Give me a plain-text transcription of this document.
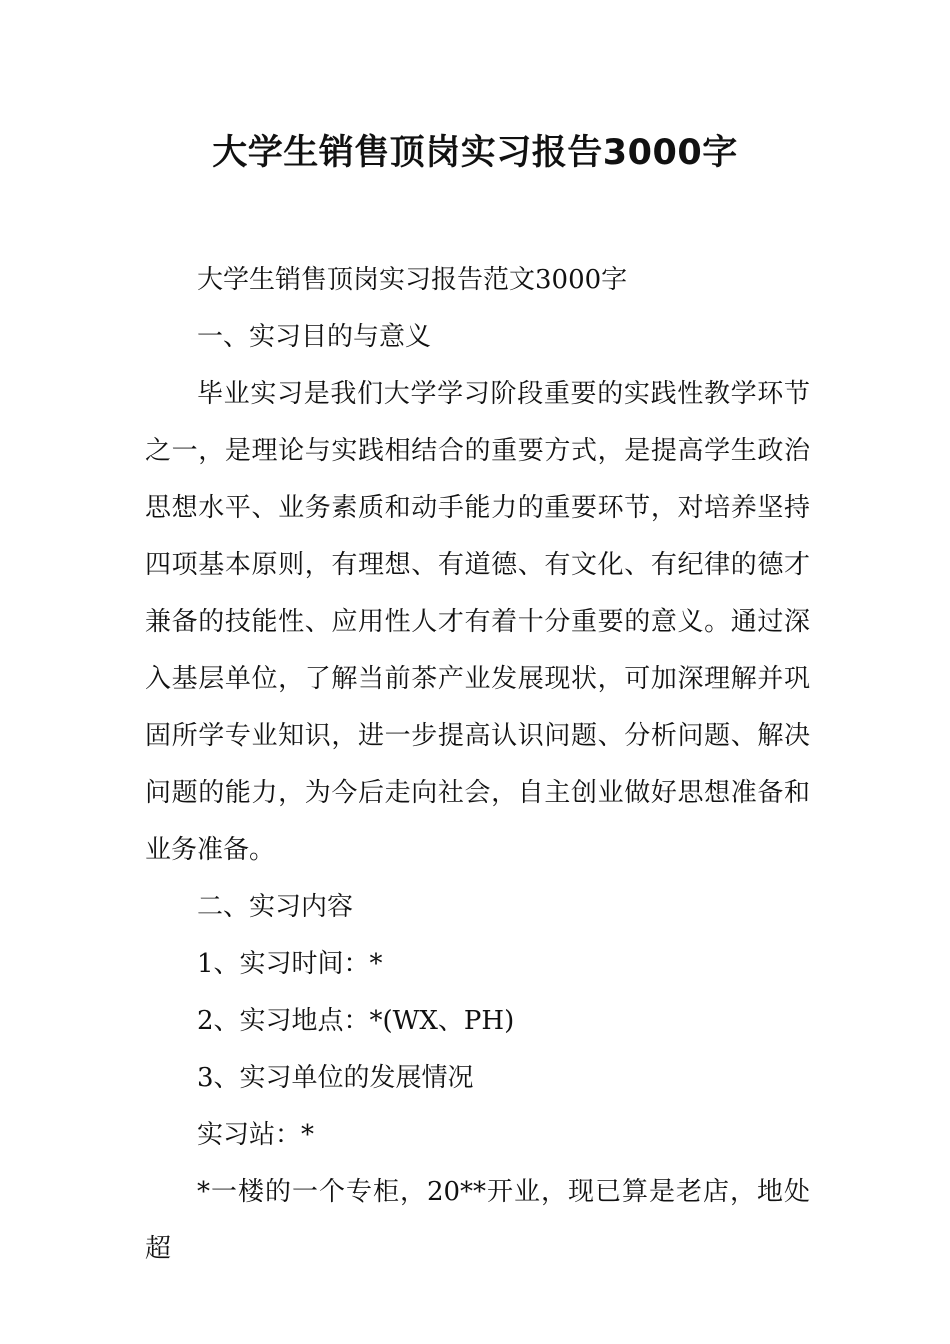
大学生销售顶岗实习报告3000字

大学生销售顶岗实习报告范文3000字

一、实习目的与意义

毕业实习是我们大学学习阶段重要的实践性教学环节之一，是理论与实践相结合的重要方式，是提高学生政治思想水平、业务素质和动手能力的重要环节，对培养坚持四项基本原则，有理想、有道德、有文化、有纪律的德才兼备的技能性、应用性人才有着十分重要的意义。通过深入基层单位，了解当前茶产业发展现状，可加深理解并巩固所学专业知识，进一步提高认识问题、分析问题、解决问题的能力，为今后走向社会，自主创业做好思想准备和业务准备。

二、实习内容

1、实习时间：*

2、实习地点：*(WX、PH)

3、实习单位的发展情况

实习站：*

*一楼的一个专柜，20**开业，现已算是老店，地处超
